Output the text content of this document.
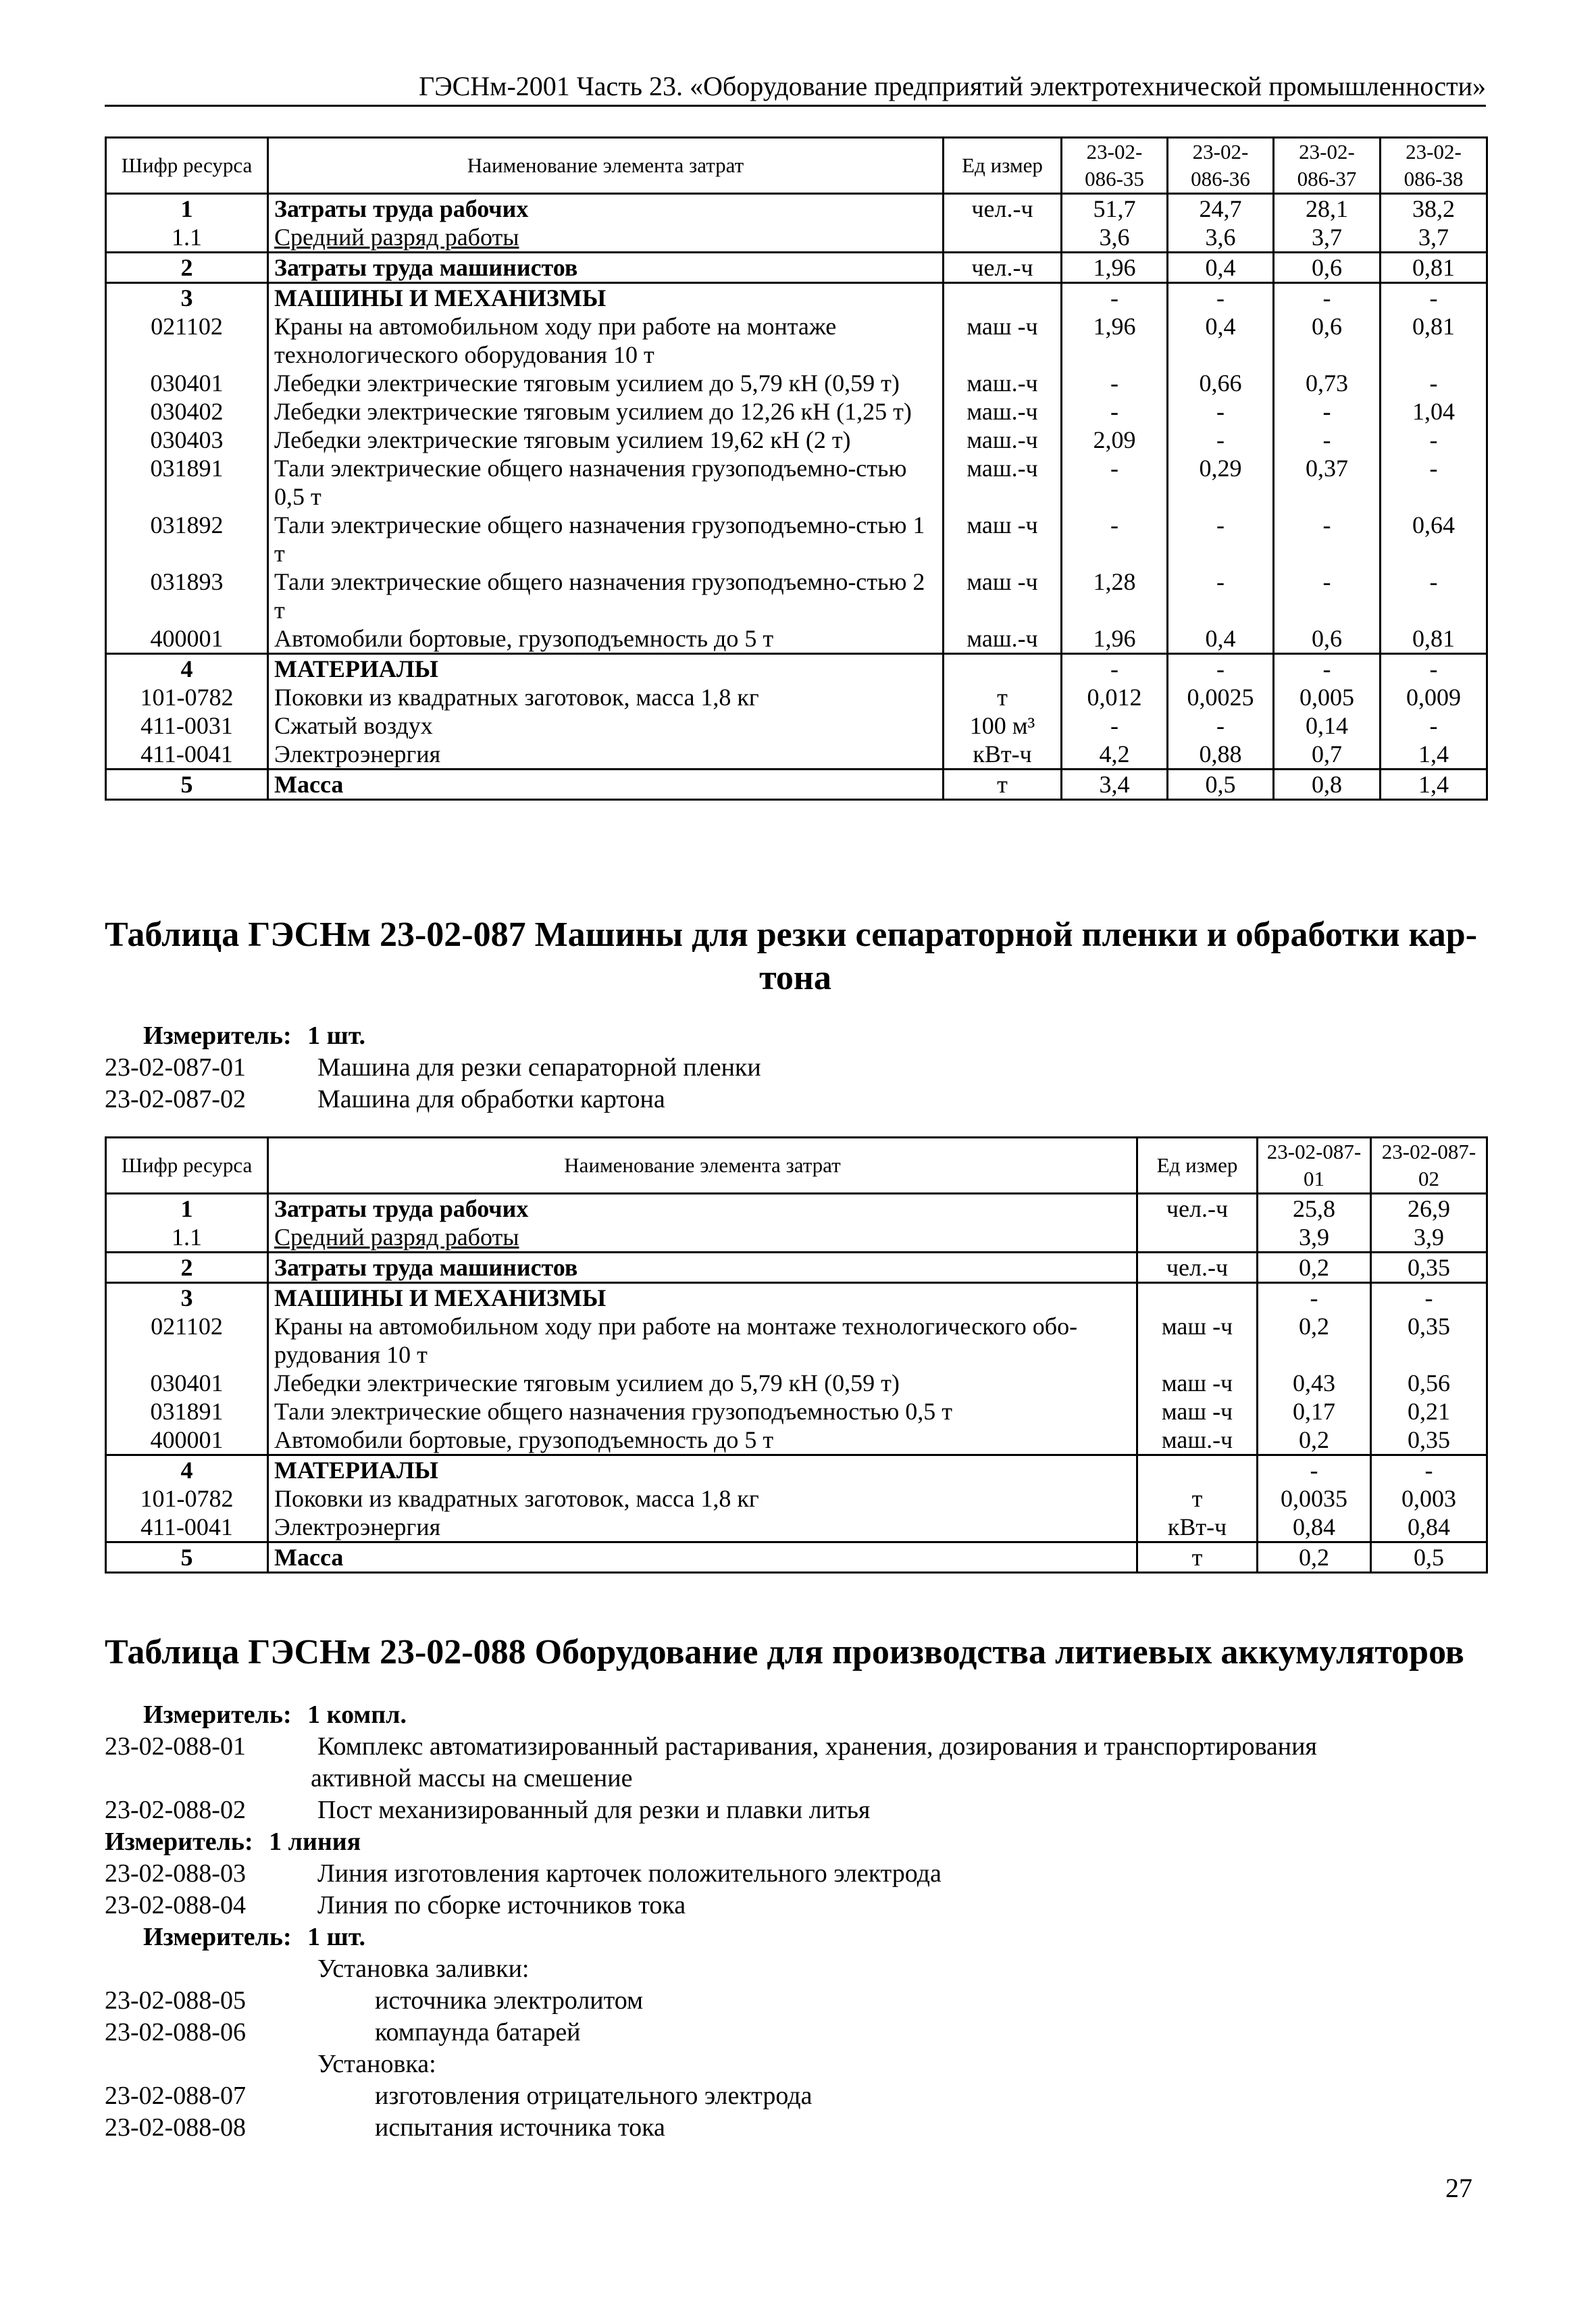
ГЭСНм-2001 Часть 23. «Оборудование предприятий электротехнической промышленности»
Шифр ресурса	Наименование элемента затрат	Ед измер	23-02-086-35	23-02-086-36	23-02-086-37	23-02-086-38
1	Затраты труда рабочих	чел.-ч	51,7	24,7	28,1	38,2
1.1	Средний разряд работы		3,6	3,6	3,7	3,7
2	Затраты труда машинистов	чел.-ч	1,96	0,4	0,6	0,81
3	МАШИНЫ И МЕХАНИЗМЫ		-	-	-	-
021102	Краны на автомобильном ходу при работе на монтаже технологического оборудования 10 т	маш -ч	1,96	0,4	0,6	0,81
030401	Лебедки электрические тяговым усилием до 5,79 кН (0,59 т)	маш.-ч	-	0,66	0,73	-
030402	Лебедки электрические тяговым усилием до 12,26 кН (1,25 т)	маш.-ч	-	-	-	1,04
030403	Лебедки электрические тяговым усилием 19,62 кН (2 т)	маш.-ч	2,09	-	-	-
031891	Тали электрические общего назначения грузоподъемно-стью 0,5 т	маш.-ч	-	0,29	0,37	-
031892	Тали электрические общего назначения грузоподъемно-стью 1 т	маш -ч	-	-	-	0,64
031893	Тали электрические общего назначения грузоподъемно-стью 2 т	маш -ч	1,28	-	-	-
400001	Автомобили бортовые, грузоподъемность до 5 т	маш.-ч	1,96	0,4	0,6	0,81
4	МАТЕРИАЛЫ		-	-	-	-
101-0782	Поковки из квадратных заготовок, масса 1,8 кг	т	0,012	0,0025	0,005	0,009
411-0031	Сжатый воздух	100 м³	-	-	0,14	-
411-0041	Электроэнергия	кВт-ч	4,2	0,88	0,7	1,4
5	Масса	т	3,4	0,5	0,8	1,4
Таблица ГЭСНм 23-02-087 Машины для резки сепараторной пленки и обработки кар-
тона
Измеритель: 1 шт.
23-02-087-01	Машина для резки сепараторной пленки
23-02-087-02	Машина для обработки картона
Шифр ресурса	Наименование элемента затрат	Ед измер	23-02-087-01	23-02-087-02
1	Затраты труда рабочих	чел.-ч	25,8	26,9
1.1	Средний разряд работы		3,9	3,9
2	Затраты труда машинистов	чел.-ч	0,2	0,35
3	МАШИНЫ И МЕХАНИЗМЫ		-	-
021102	Краны на автомобильном ходу при работе на монтаже технологического обо-рудования 10 т	маш -ч	0,2	0,35
030401	Лебедки электрические тяговым усилием до 5,79 кН (0,59 т)	маш -ч	0,43	0,56
031891	Тали электрические общего назначения грузоподъемностью 0,5 т	маш -ч	0,17	0,21
400001	Автомобили бортовые, грузоподъемность до 5 т	маш.-ч	0,2	0,35
4	МАТЕРИАЛЫ		-	-
101-0782	Поковки из квадратных заготовок, масса 1,8 кг	т	0,0035	0,003
411-0041	Электроэнергия	кВт-ч	0,84	0,84
5	Масса	т	0,2	0,5
Таблица ГЭСНм 23-02-088 Оборудование для производства литиевых аккумуляторов
Измеритель: 1 компл.
23-02-088-01	Комплекс автоматизированный растаривания, хранения, дозирования и транспортирования
активной массы на смешение
23-02-088-02	Пост механизированный для резки и плавки литья
Измеритель: 1 линия
23-02-088-03	Линия изготовления карточек положительного электрода
23-02-088-04	Линия по сборке источников тока
Измеритель: 1 шт.
Установка заливки:
23-02-088-05	источника электролитом
23-02-088-06	компаунда батарей
Установка:
23-02-088-07	изготовления отрицательного электрода
23-02-088-08	испытания источника тока
27
